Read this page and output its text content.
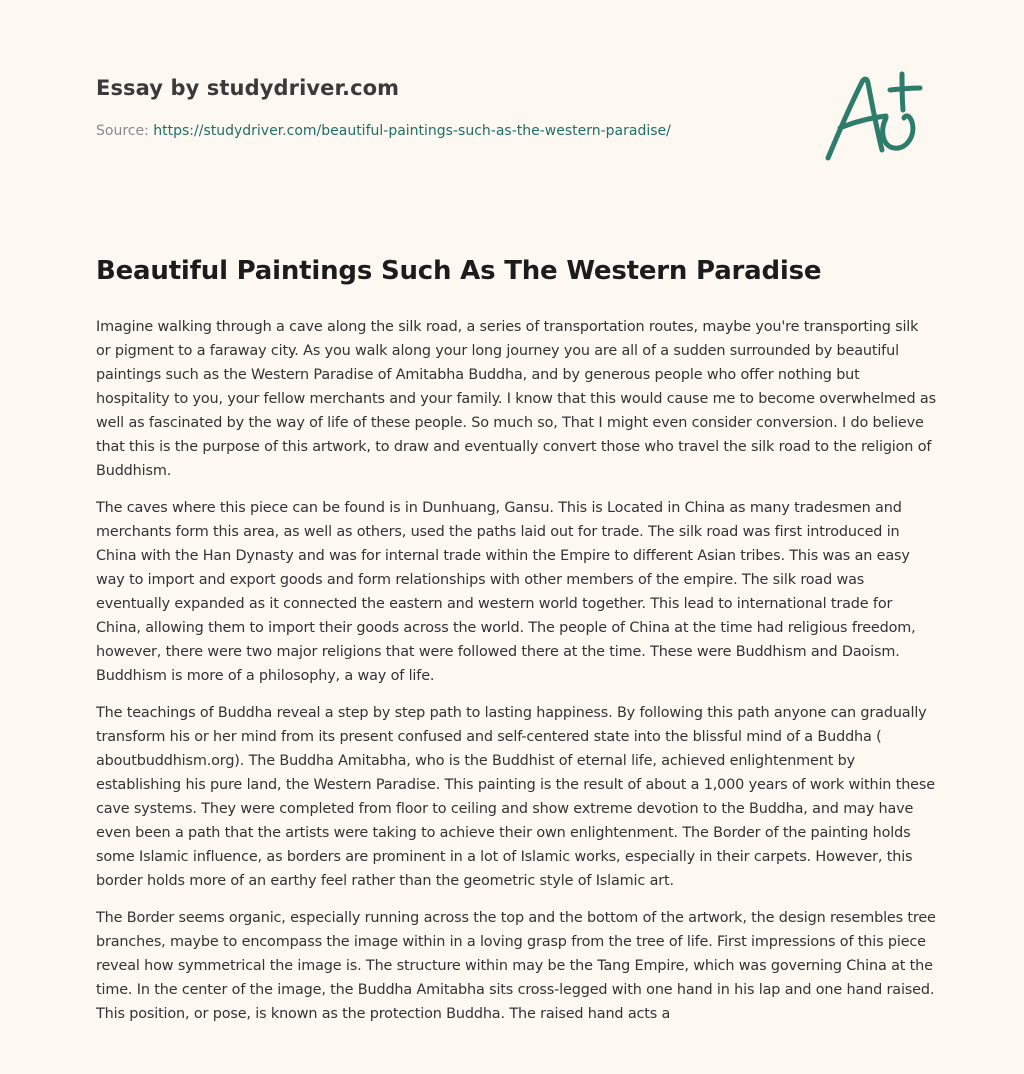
Essay by studydriver.com
Source: https://studydriver.com/beautiful-paintings-such-as-the-western-paradise/
Beautiful Paintings Such As The Western Paradise

Imagine walking through a cave along the silk road, a series of transportation routes, maybe you're transporting silk or pigment to a faraway city. As you walk along your long journey you are all of a sudden surrounded by beautiful paintings such as the Western Paradise of Amitabha Buddha, and by generous people who offer nothing but hospitality to you, your fellow merchants and your family. I know that this would cause me to become overwhelmed as well as fascinated by the way of life of these people. So much so, That I might even consider conversion. I do believe that this is the purpose of this artwork, to draw and eventually convert those who travel the silk road to the religion of Buddhism.

The caves where this piece can be found is in Dunhuang, Gansu. This is Located in China as many tradesmen and merchants form this area, as well as others, used the paths laid out for trade. The silk road was first introduced in China with the Han Dynasty and was for internal trade within the Empire to different Asian tribes. This was an easy way to import and export goods and form relationships with other members of the empire. The silk road was eventually expanded as it connected the eastern and western world together. This lead to international trade for China, allowing them to import their goods across the world. The people of China at the time had religious freedom, however, there were two major religions that were followed there at the time. These were Buddhism and Daoism. Buddhism is more of a philosophy, a way of life.

The teachings of Buddha reveal a step by step path to lasting happiness. By following this path anyone can gradually transform his or her mind from its present confused and self-centered state into the blissful mind of a Buddha ( aboutbuddhism.org). The Buddha Amitabha, who is the Buddhist of eternal life, achieved enlightenment by establishing his pure land, the Western Paradise. This painting is the result of about a 1,000 years of work within these cave systems. They were completed from floor to ceiling and show extreme devotion to the Buddha, and may have even been a path that the artists were taking to achieve their own enlightenment. The Border of the painting holds some Islamic influence, as borders are prominent in a lot of Islamic works, especially in their carpets. However, this border holds more of an earthy feel rather than the geometric style of Islamic art.

The Border seems organic, especially running across the top and the bottom of the artwork, the design resembles tree branches, maybe to encompass the image within in a loving grasp from the tree of life. First impressions of this piece reveal how symmetrical the image is. The structure within may be the Tang Empire, which was governing China at the time. In the center of the image, the Buddha Amitabha sits cross-legged with one hand in his lap and one hand raised. This position, or pose, is known as the protection Buddha. The raised hand acts a
